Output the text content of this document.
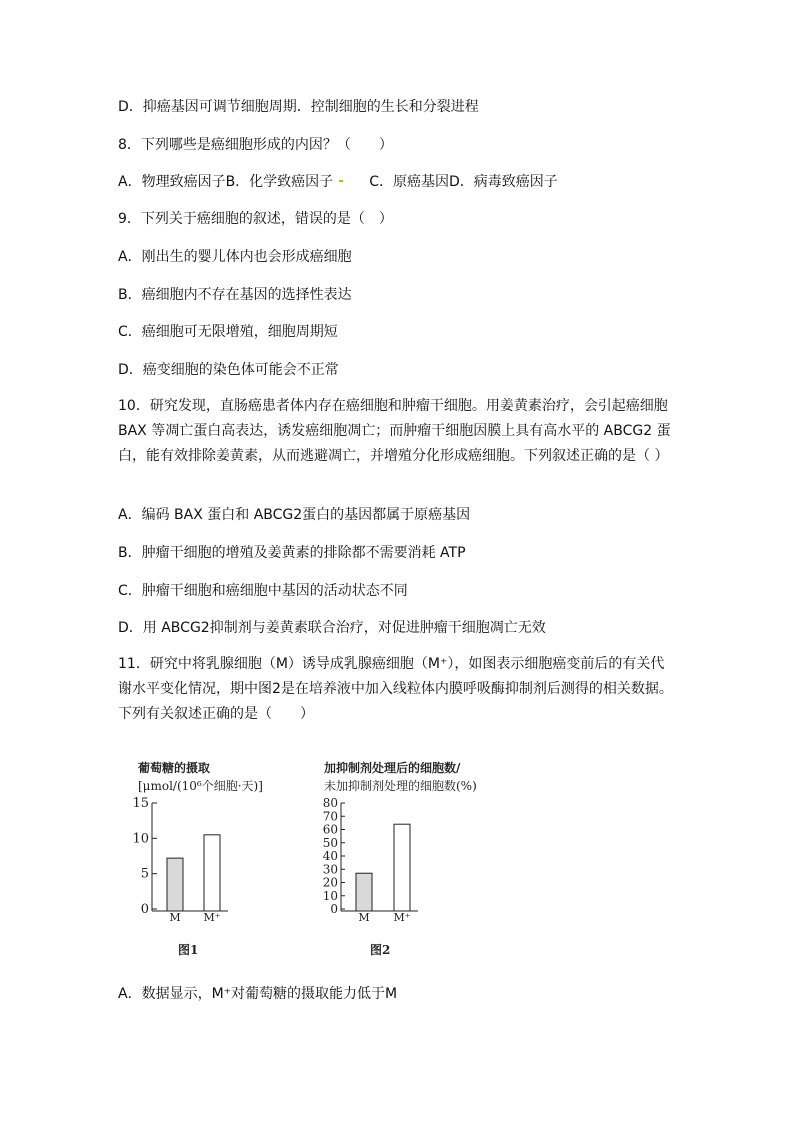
D．抑癌基因可调节细胞周期．控制细胞的生长和分裂进程
8．下列哪些是癌细胞形成的内因？（　　）
A．物理致癌因子B．化学致癌因子	C．原癌基因D．病毒致癌因子
9．下列关于癌细胞的叙述，错误的是（　）
A．刚出生的婴儿体内也会形成癌细胞
B．癌细胞内不存在基因的选择性表达
C．癌细胞可无限增殖，细胞周期短
D．癌变细胞的染色体可能会不正常
10．研究发现，直肠癌患者体内存在癌细胞和肿瘤干细胞。用姜黄素治疗，会引起癌细胞 BAX 等凋亡蛋白高表达，诱发癌细胞凋亡；而肿瘤干细胞因膜上具有高水平的 ABCG2 蛋白，能有效排除姜黄素，从而逃避凋亡，并增殖分化形成癌细胞。下列叙述正确的是（ ）
A．编码 BAX 蛋白和 ABCG2蛋白的基因都属于原癌基因
B．肿瘤干细胞的增殖及姜黄素的排除都不需要消耗 ATP
C．肿瘤干细胞和癌细胞中基因的活动状态不同
D．用 ABCG2抑制剂与姜黄素联合治疗，对促进肿瘤干细胞凋亡无效
11．研究中将乳腺细胞（M）诱导成乳腺癌细胞（M⁺），如图表示细胞癌变前后的有关代谢水平变化情况，期中图2是在培养液中加入线粒体内膜呼吸酶抑制剂后测得的相关数据。下列有关叙述正确的是（　　）
葡萄糖的摄取
[μmol/(10⁶个细胞·天)]
0
5
10
15
M M⁺
图1
加抑制剂处理后的细胞数/
未加抑制剂处理的细胞数(%)
0
10
20
30
40
50
60
70
80
M M⁺
图2
A．数据显示，M⁺对葡萄糖的摄取能力低于M
